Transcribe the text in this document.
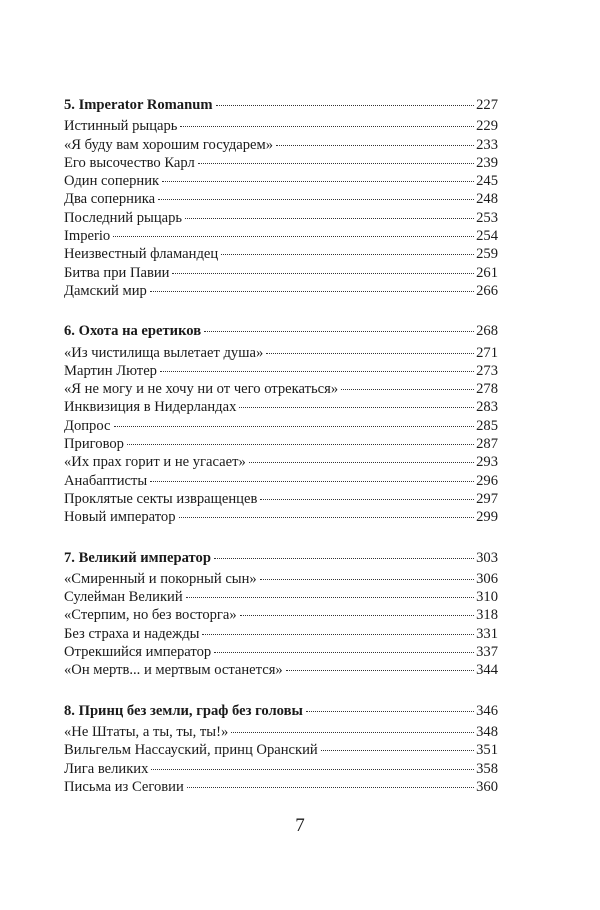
5. Imperator Romanum	227
Истинный рыцарь	229
«Я буду вам хорошим государем»	233
Его высочество Карл	239
Один соперник	245
Два соперника	248
Последний рыцарь	253
Imperio	254
Неизвестный фламандец	259
Битва при Павии	261
Дамский мир	266
6. Охота на еретиков	268
«Из чистилища вылетает душа»	271
Мартин Лютер	273
«Я не могу и не хочу ни от чего отрекаться»	278
Инквизиция в Нидерландах	283
Допрос	285
Приговор	287
«Их прах горит и не угасает»	293
Анабаптисты	296
Проклятые секты извращенцев	297
Новый император	299
7. Великий император	303
«Смиренный и покорный сын»	306
Сулейман Великий	310
«Стерпим, но без восторга»	318
Без страха и надежды	331
Отрекшийся император	337
«Он мертв... и мертвым останется»	344
8. Принц без земли, граф без головы	346
«Не Штаты, а ты, ты, ты!»	348
Вильгельм Нассауский, принц Оранский	351
Лига великих	358
Письма из Сеговии	360
7
